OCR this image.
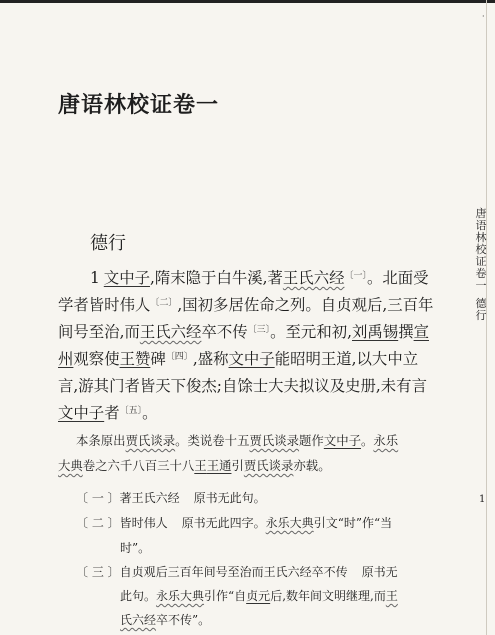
·
唐语林校证卷一
德行
唐
语
林
校
证
卷
一
德
行
1
1 文中子,隋末隐于白牛溪,著王氏六经$^{〔一〕}$。北面受
学者皆时伟人$^{〔二〕}$,国初多居佐命之列。自贞观后,三百年
间号至治,而王氏六经卒不传$^{〔三〕}$。至元和初,刘禹锡撰宣
州观察使王赞碑$^{〔四〕}$,盛称文中子能昭明王道,以大中立
言,游其门者皆天下俊杰;自馀士大夫拟议及史册,未有言
文中子者$^{〔五〕}$。
本条原出贾氏谈录。类说卷十五贾氏谈录题作文中子。永乐
大典卷之六千八百三十八王王通引贾氏谈录亦载。
〔 一 〕著王氏六经 原书无此句。
〔 二 〕皆时伟人 原书无此四字。永乐大典引文“时”作“当
时”。
〔 三 〕自贞观后三百年间号至治而王氏六经卒不传 原书无
此句。永乐大典引作“自贞元后,数年间文明继理,而王
氏六经卒不传”。
